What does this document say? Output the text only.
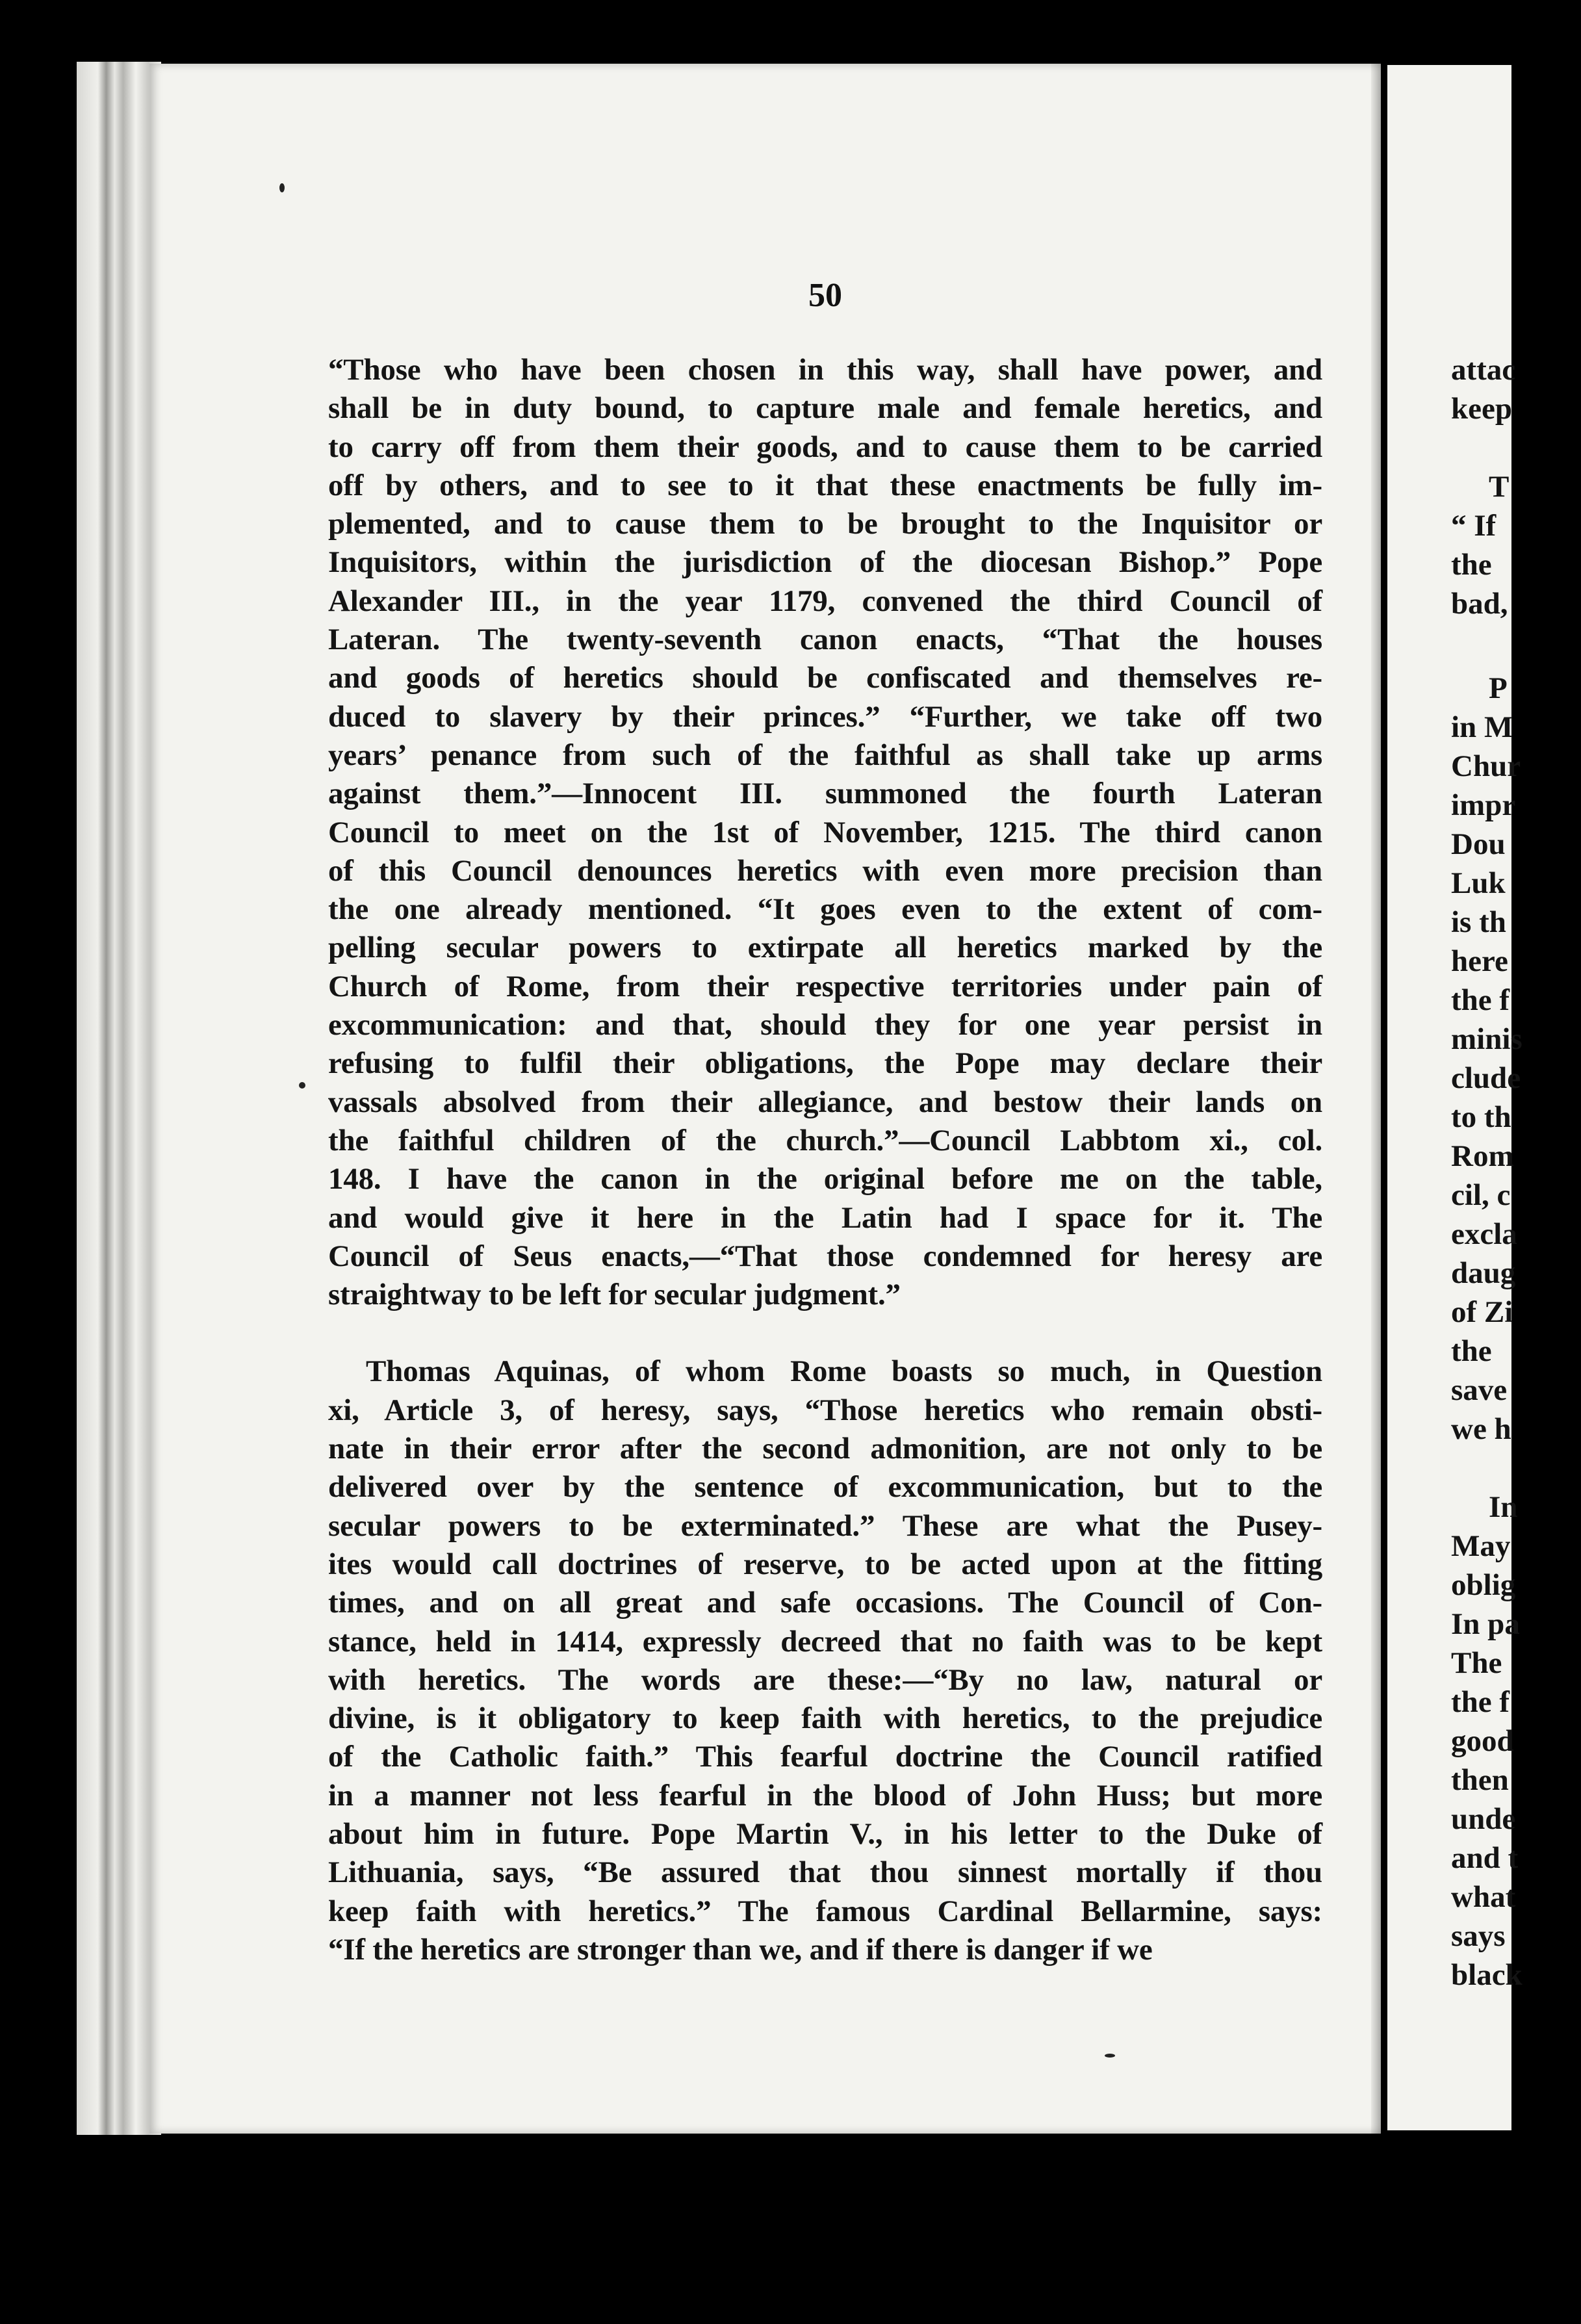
50
“Those who have been chosen in this way, shall have power, and
shall be in duty bound, to capture male and female heretics, and
to carry off from them their goods, and to cause them to be carried
off by others, and to see to it that these enactments be fully im-
plemented, and to cause them to be brought to the Inquisitor or
Inquisitors, within the jurisdiction of the diocesan Bishop.” Pope
Alexander III., in the year 1179, convened the third Council of
Lateran. The twenty-seventh canon enacts, “That the houses
and goods of heretics should be confiscated and themselves re-
duced to slavery by their princes.” “Further, we take off two
years’ penance from such of the faithful as shall take up arms
against them.”—Innocent III. summoned the fourth Lateran
Council to meet on the 1st of November, 1215. The third canon
of this Council denounces heretics with even more precision than
the one already mentioned. “It goes even to the extent of com-
pelling secular powers to extirpate all heretics marked by the
Church of Rome, from their respective territories under pain of
excommunication: and that, should they for one year persist in
refusing to fulfil their obligations, the Pope may declare their
vassals absolved from their allegiance, and bestow their lands on
the faithful children of the church.”—Council Labbtom xi., col.
148. I have the canon in the original before me on the table,
and would give it here in the Latin had I space for it. The
Council of Seus enacts,—“That those condemned for heresy are
straightway to be left for secular judgment.”
Thomas Aquinas, of whom Rome boasts so much, in Question
xi, Article 3, of heresy, says, “Those heretics who remain obsti-
nate in their error after the second admonition, are not only to be
delivered over by the sentence of excommunication, but to the
secular powers to be exterminated.” These are what the Pusey-
ites would call doctrines of reserve, to be acted upon at the fitting
times, and on all great and safe occasions. The Council of Con-
stance, held in 1414, expressly decreed that no faith was to be kept
with heretics. The words are these:—“By no law, natural or
divine, is it obligatory to keep faith with heretics, to the prejudice
of the Catholic faith.” This fearful doctrine the Council ratified
in a manner not less fearful in the blood of John Huss; but more
about him in future. Pope Martin V., in his letter to the Duke of
Lithuania, says, “Be assured that thou sinnest mortally if thou
keep faith with heretics.” The famous Cardinal Bellarmine, says:
“If the heretics are stronger than we, and if there is danger if we
attac
keep
T
“ If
the
bad,
P
in M
Chur
impr
Dou
Luk
is th
here
the f
minis
clude
to th
Rom
cil, c
excla
daug
of Zi
the
save
we h
In
May
oblig
In pa
The
the f
good
then
unde
and t
what
says
black
